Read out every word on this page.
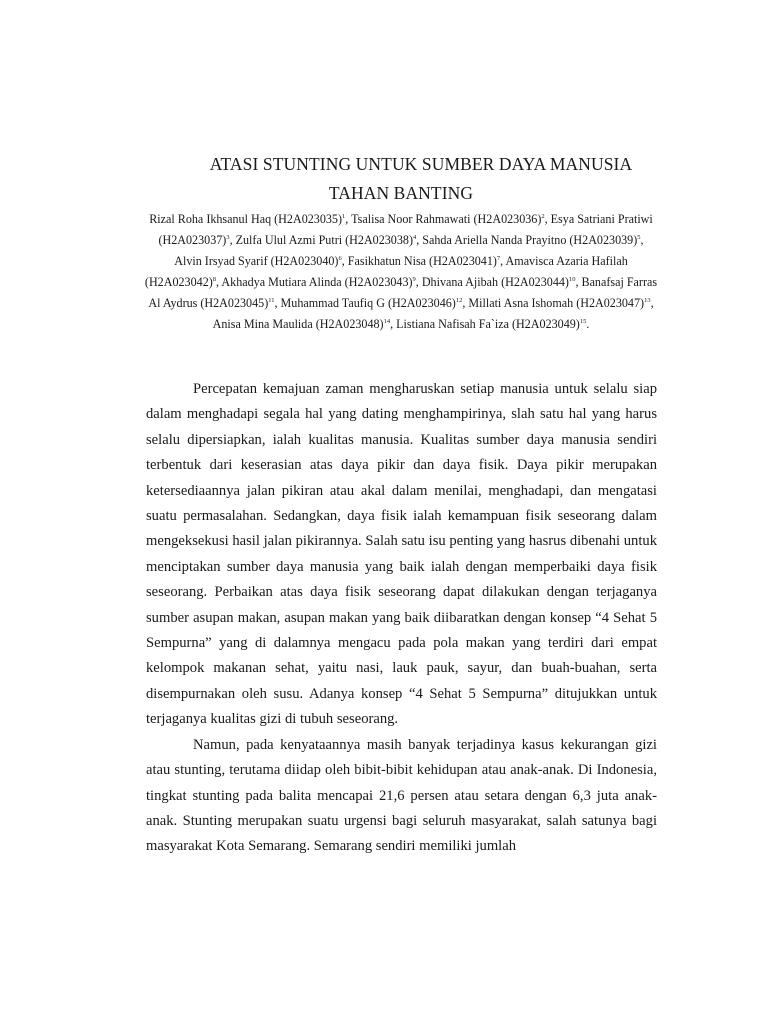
ATASI STUNTING UNTUK SUMBER DAYA MANUSIA
TAHAN BANTING
Rizal Roha Ikhsanul Haq $(H2A023035)^1$, Tsalisa Noor Rahmawati $(H2A023036)^2$, Esya Satriani Pratiwi $(H2A023037)^3$, Zulfa Ulul Azmi Putri $(H2A023038)^4$, Sahda Ariella Nanda Prayitno $(H2A023039)^5$, Alvin Irsyad Syarif $(H2A023040)^6$, Fasikhatun Nisa $(H2A023041)^7$, Amavisca Azaria Hafilah $(H2A023042)^8$, Akhadya Mutiara Alinda $(H2A023043)^9$, Dhivana Ajibah $(H2A023044)^{10}$, Banafsaj Farras Al Aydrus $(H2A023045)^{11}$, Muhammad Taufiq G $(H2A023046)^{12}$, Millati Asna Ishomah $(H2A023047)^{13}$, Anisa Mina Maulida $(H2A023048)^{14}$, Listiana Nafisah Fa`iza $(H2A023049)^{15}$.

Percepatan kemajuan zaman mengharuskan setiap manusia untuk selalu siap dalam menghadapi segala hal yang dating menghampirinya, slah satu hal yang harus selalu dipersiapkan, ialah kualitas manusia. Kualitas sumber daya manusia sendiri terbentuk dari keserasian atas daya pikir dan daya fisik. Daya pikir merupakan ketersediaannya jalan pikiran atau akal dalam menilai, menghadapi, dan mengatasi suatu permasalahan. Sedangkan, daya fisik ialah kemampuan fisik seseorang dalam mengeksekusi hasil jalan pikirannya. Salah satu isu penting yang hasrus dibenahi untuk menciptakan sumber daya manusia yang baik ialah dengan memperbaiki daya fisik seseorang. Perbaikan atas daya fisik seseorang dapat dilakukan dengan terjaganya sumber asupan makan, asupan makan yang baik diibaratkan dengan konsep “4 Sehat 5 Sempurna” yang di dalamnya mengacu pada pola makan yang terdiri dari empat kelompok makanan sehat, yaitu nasi, lauk pauk, sayur, dan buah-buahan, serta disempurnakan oleh susu. Adanya konsep “4 Sehat 5 Sempurna” ditujukkan untuk terjaganya kualitas gizi di tubuh seseorang.

Namun, pada kenyataannya masih banyak terjadinya kasus kekurangan gizi atau stunting, terutama diidap oleh bibit-bibit kehidupan atau anak-anak. Di Indonesia, tingkat stunting pada balita mencapai 21,6 persen atau setara dengan 6,3 juta anak-anak. Stunting merupakan suatu urgensi bagi seluruh masyarakat, salah satunya bagi masyarakat Kota Semarang. Semarang sendiri memiliki jumlah
